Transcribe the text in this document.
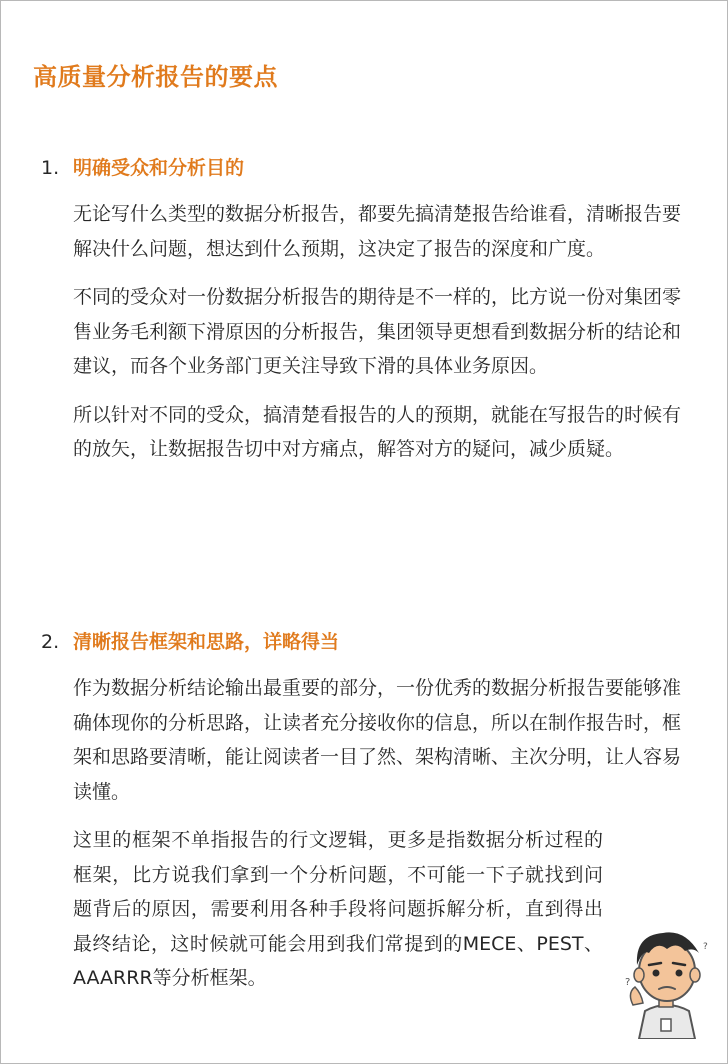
高质量分析报告的要点
1. 明确受众和分析目的

无论写什么类型的数据分析报告，都要先搞清楚报告给谁看，清晰报告要解决什么问题，想达到什么预期，这决定了报告的深度和广度。

不同的受众对一份数据分析报告的期待是不一样的，比方说一份对集团零售业务毛利额下滑原因的分析报告，集团领导更想看到数据分析的结论和建议，而各个业务部门更关注导致下滑的具体业务原因。

所以针对不同的受众，搞清楚看报告的人的预期，就能在写报告的时候有的放矢，让数据报告切中对方痛点，解答对方的疑问，减少质疑。

2. 清晰报告框架和思路，详略得当

作为数据分析结论输出最重要的部分，一份优秀的数据分析报告要能够准确体现你的分析思路，让读者充分接收你的信息，所以在制作报告时，框架和思路要清晰，能让阅读者一目了然、架构清晰、主次分明，让人容易读懂。

这里的框架不单指报告的行文逻辑，更多是指数据分析过程的框架，比方说我们拿到一个分析问题，不可能一下子就找到问题背后的原因，需要利用各种手段将问题拆解分析，直到得出最终结论，这时候就可能会用到我们常提到的MECE、PEST、AAARRR等分析框架。	?
?
